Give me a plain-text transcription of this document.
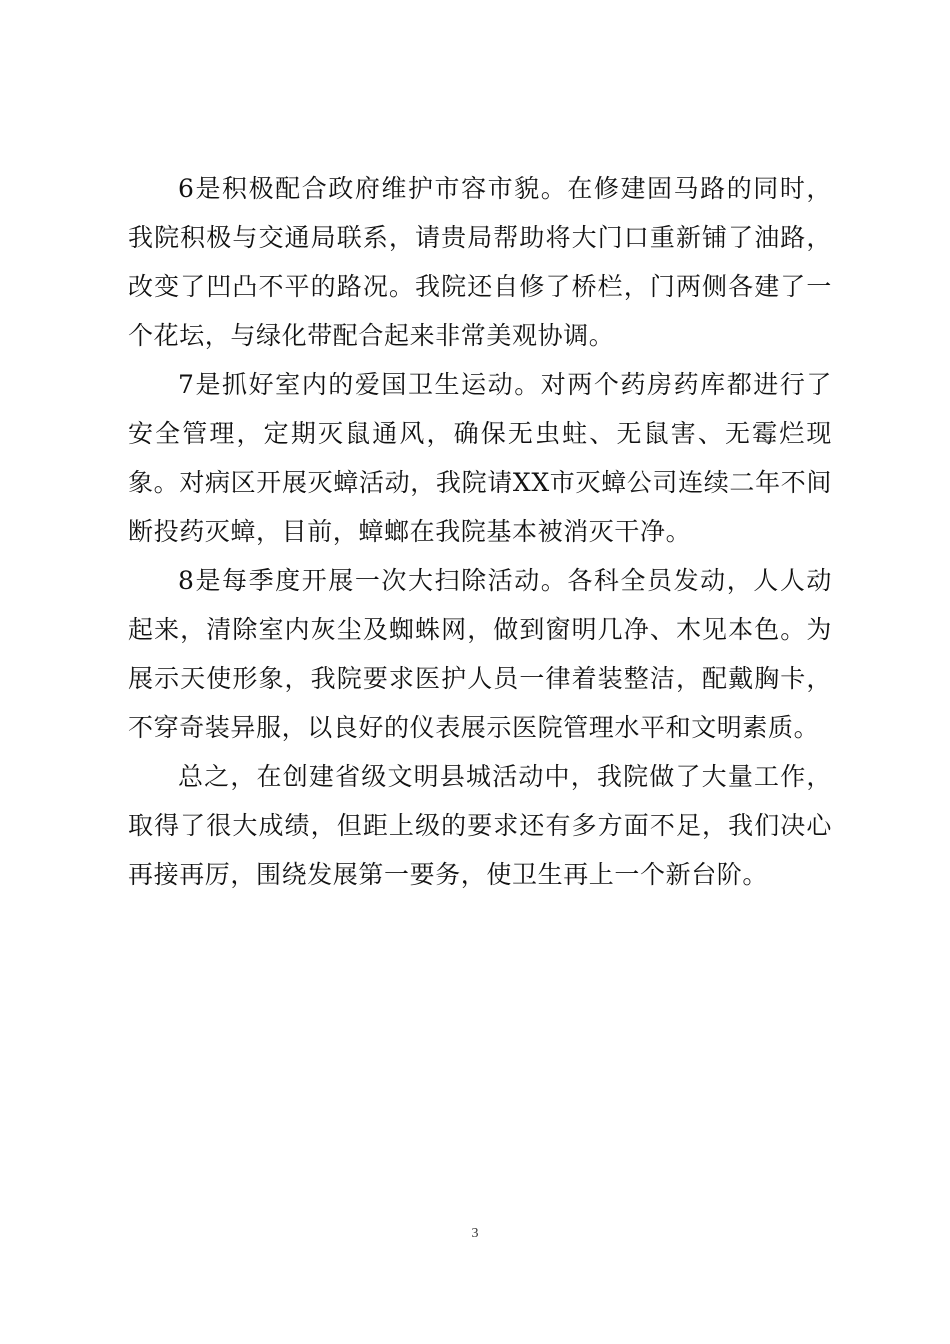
6是积极配合政府维护市容市貌。在修建固马路的同时，我院积极与交通局联系，请贵局帮助将大门口重新铺了油路，改变了凹凸不平的路况。我院还自修了桥栏，门两侧各建了一个花坛，与绿化带配合起来非常美观协调。

7是抓好室内的爱国卫生运动。对两个药房药库都进行了安全管理，定期灭鼠通风，确保无虫蛀、无鼠害、无霉烂现象。对病区开展灭蟑活动，我院请XX市灭蟑公司连续二年不间断投药灭蟑，目前，蟑螂在我院基本被消灭干净。

8是每季度开展一次大扫除活动。各科全员发动，人人动起来，清除室内灰尘及蜘蛛网，做到窗明几净、木见本色。为展示天使形象，我院要求医护人员一律着装整洁，配戴胸卡，不穿奇装异服，以良好的仪表展示医院管理水平和文明素质。

总之，在创建省级文明县城活动中，我院做了大量工作，取得了很大成绩，但距上级的要求还有多方面不足，我们决心再接再厉，围绕发展第一要务，使卫生再上一个新台阶。

3
